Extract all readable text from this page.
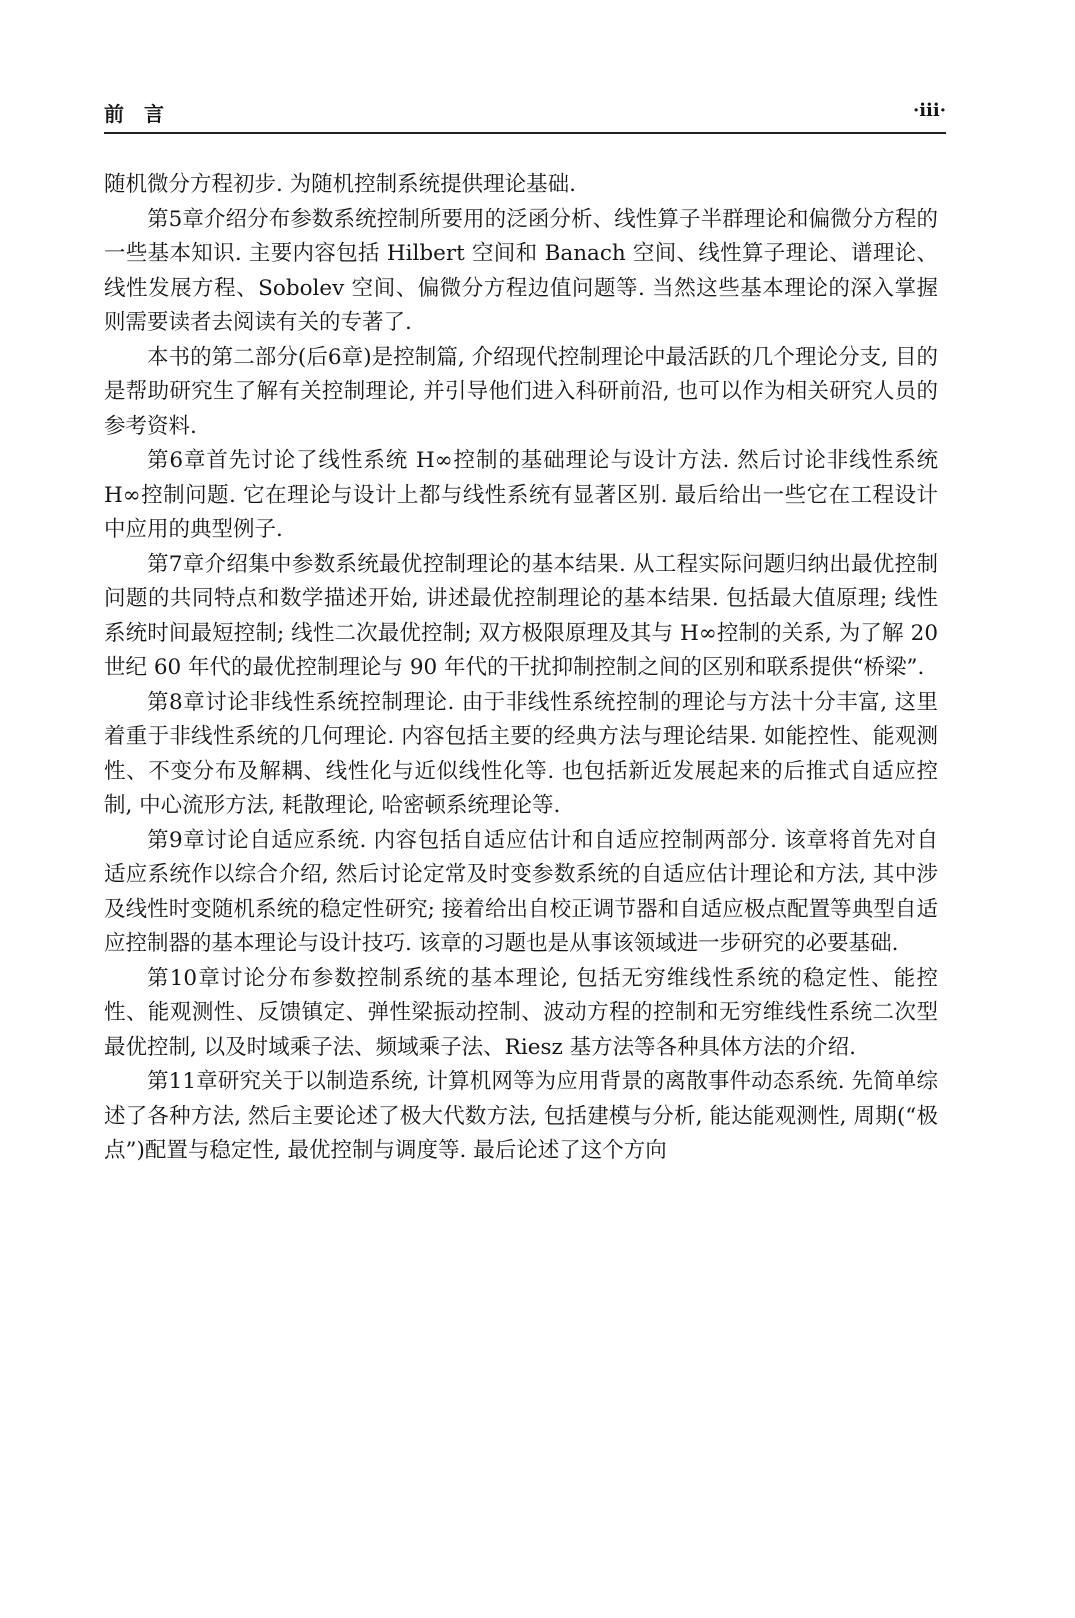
前言	·iii·

随机微分方程初步. 为随机控制系统提供理论基础.

第5章介绍分布参数系统控制所要用的泛函分析、线性算子半群理论和偏微分方程的一些基本知识. 主要内容包括 Hilbert 空间和 Banach 空间、线性算子理论、谱理论、线性发展方程、Sobolev 空间、偏微分方程边值问题等. 当然这些基本理论的深入掌握则需要读者去阅读有关的专著了.

本书的第二部分(后6章)是控制篇, 介绍现代控制理论中最活跃的几个理论分支, 目的是帮助研究生了解有关控制理论, 并引导他们进入科研前沿, 也可以作为相关研究人员的参考资料.

第6章首先讨论了线性系统 H∞控制的基础理论与设计方法. 然后讨论非线性系统 H∞控制问题. 它在理论与设计上都与线性系统有显著区别. 最后给出一些它在工程设计中应用的典型例子.

第7章介绍集中参数系统最优控制理论的基本结果. 从工程实际问题归纳出最优控制问题的共同特点和数学描述开始, 讲述最优控制理论的基本结果. 包括最大值原理; 线性系统时间最短控制; 线性二次最优控制; 双方极限原理及其与 H∞控制的关系, 为了解 20 世纪 60 年代的最优控制理论与 90 年代的干扰抑制控制之间的区别和联系提供“桥梁”.

第8章讨论非线性系统控制理论. 由于非线性系统控制的理论与方法十分丰富, 这里着重于非线性系统的几何理论. 内容包括主要的经典方法与理论结果. 如能控性、能观测性、不变分布及解耦、线性化与近似线性化等. 也包括新近发展起来的后推式自适应控制, 中心流形方法, 耗散理论, 哈密顿系统理论等.

第9章讨论自适应系统. 内容包括自适应估计和自适应控制两部分. 该章将首先对自适应系统作以综合介绍, 然后讨论定常及时变参数系统的自适应估计理论和方法, 其中涉及线性时变随机系统的稳定性研究; 接着给出自校正调节器和自适应极点配置等典型自适应控制器的基本理论与设计技巧. 该章的习题也是从事该领域进一步研究的必要基础.

第10章讨论分布参数控制系统的基本理论, 包括无穷维线性系统的稳定性、能控性、能观测性、反馈镇定、弹性梁振动控制、波动方程的控制和无穷维线性系统二次型最优控制, 以及时域乘子法、频域乘子法、Riesz 基方法等各种具体方法的介绍.

第11章研究关于以制造系统, 计算机网等为应用背景的离散事件动态系统. 先简单综述了各种方法, 然后主要论述了极大代数方法, 包括建模与分析, 能达能观测性, 周期(“极点”)配置与稳定性, 最优控制与调度等. 最后论述了这个方向
